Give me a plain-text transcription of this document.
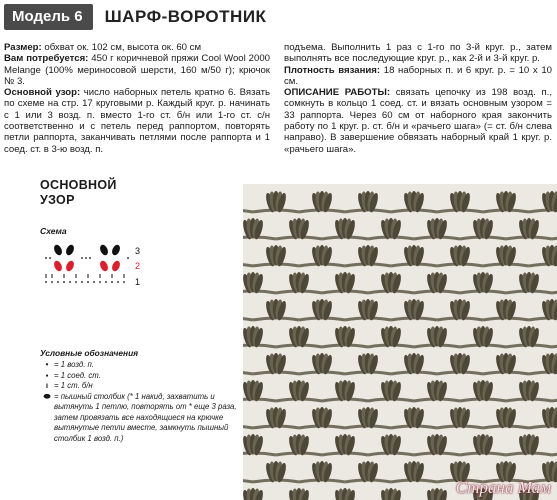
Модель 6	ШАРФ-ВОРОТНИК

Размер: обхват ок. 102 см, высота ок. 60 см

Вам потребуется: 450 г коричневой пряжи Cool Wool 2000 Melange (100% мериносовой шерсти, 160 м/50 г); крючок № 3.

Основной узор: число наборных петель кратно 6. Вязать по схеме на стр. 17 круговыми р. Каждый круг. р. начинать с 1 или 3 возд. п. вместо 1-го ст. б/н или 1-го ст. с/н соответственно и с петель перед раппортом, повторять петли раппорта, заканчивать петлями после раппорта и 1 соед. ст. в 3-ю возд. п.

подъема. Выполнить 1 раз с 1-го по 3-й круг. р., затем выполнять все последующие круг. р., как 2-й и 3-й круг. р.

Плотность вязания: 18 наборных п. и 6 круг. р. = 10 х 10 см.

ОПИСАНИЕ РАБОТЫ: связать цепочку из 198 возд. п., сомкнуть в кольцо 1 соед. ст. и вязать основным узором = 33 раппорта. Через 60 см от наборного края закончить работу по 1 круг. р. ст. б/н и «рачьего шага» (= ст. б/н слева направо). В завершение обвязать наборный край 1 круг. р. «рачьего шага».

ОСНОВНОЙ
УЗОР
Схема
3
2
1
Условные обозначения
• = 1 возд. п.
▪ = 1 соед. ст.
ı = 1 ст. б/н
⬬ = пышный столбик (* 1 накид, захватить и вытянуть 1 петлю, повторять от * еще 3 раза, затем провязать все находящиеся на крючке вытянутые петли вместе, замкнуть пышный столбик 1 возд. п.)
Страна Мам
